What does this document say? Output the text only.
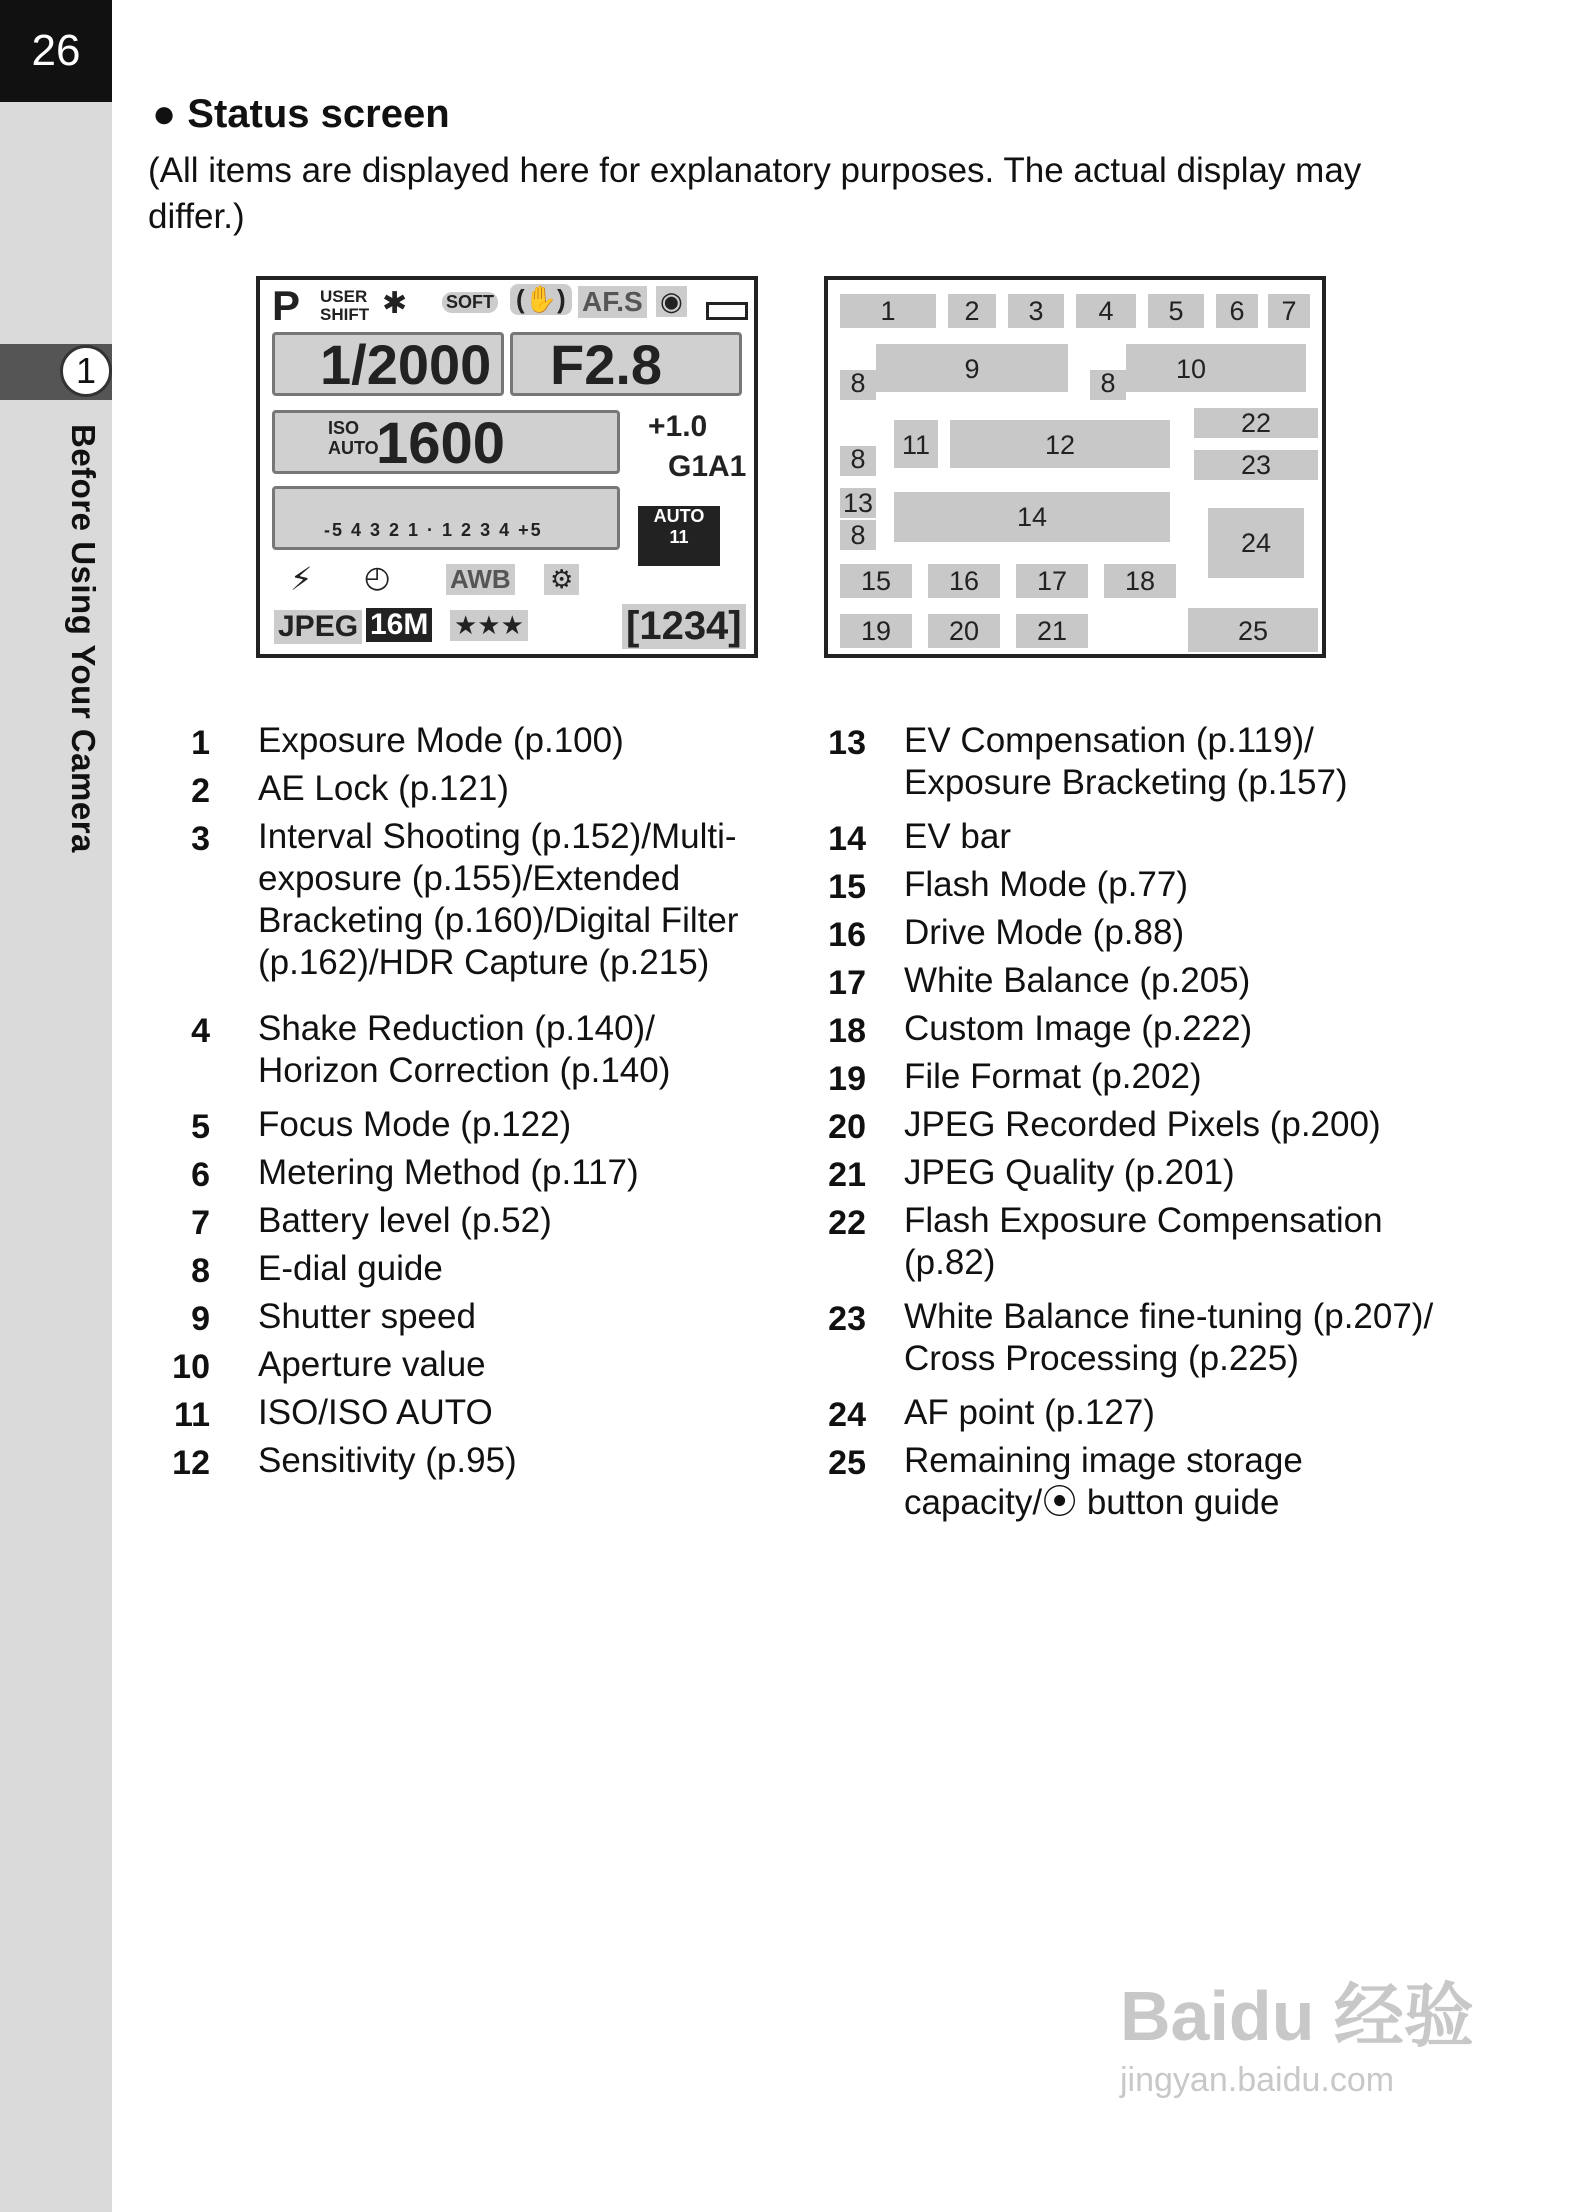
26
1
Before Using Your Camera
● Status screen
(All items are displayed here for explanatory purposes. The actual display may differ.)
P USER
SHIFT ✱ SOFT (✋) AF.S ◉
1/2000 F2.8
ISO
AUTO
1600	+1.0
G1A1
-5 4 3 2 1 · 1 2 3 4 +5
AUTO
11
⚡ ◴ AWB ⚙
JPEG 16M ★★★	[1234]
1	2	3	4	5	6	7
8	9	8	10
8	11	12
22
23
13
8
14
24
15	16	17	18
19	20	21	25
1 Exposure Mode (p.100)
2 AE Lock (p.121)
3 Interval Shooting (p.152)/Multi-exposure (p.155)/Extended Bracketing (p.160)/Digital Filter (p.162)/HDR Capture (p.215)
4 Shake Reduction (p.140)/ Horizon Correction (p.140)
5 Focus Mode (p.122)
6 Metering Method (p.117)
7 Battery level (p.52)
8 E-dial guide
9 Shutter speed
10 Aperture value
11 ISO/ISO AUTO
12 Sensitivity (p.95)
13 EV Compensation (p.119)/ Exposure Bracketing (p.157)
14 EV bar
15 Flash Mode (p.77)
16 Drive Mode (p.88)
17 White Balance (p.205)
18 Custom Image (p.222)
19 File Format (p.202)
20 JPEG Recorded Pixels (p.200)
21 JPEG Quality (p.201)
22 Flash Exposure Compensation (p.82)
23 White Balance fine-tuning (p.207)/ Cross Processing (p.225)
24 AF point (p.127)
25 Remaining image storage capacity/⦿ button guide
Baidu 经验
jingyan.baidu.com
